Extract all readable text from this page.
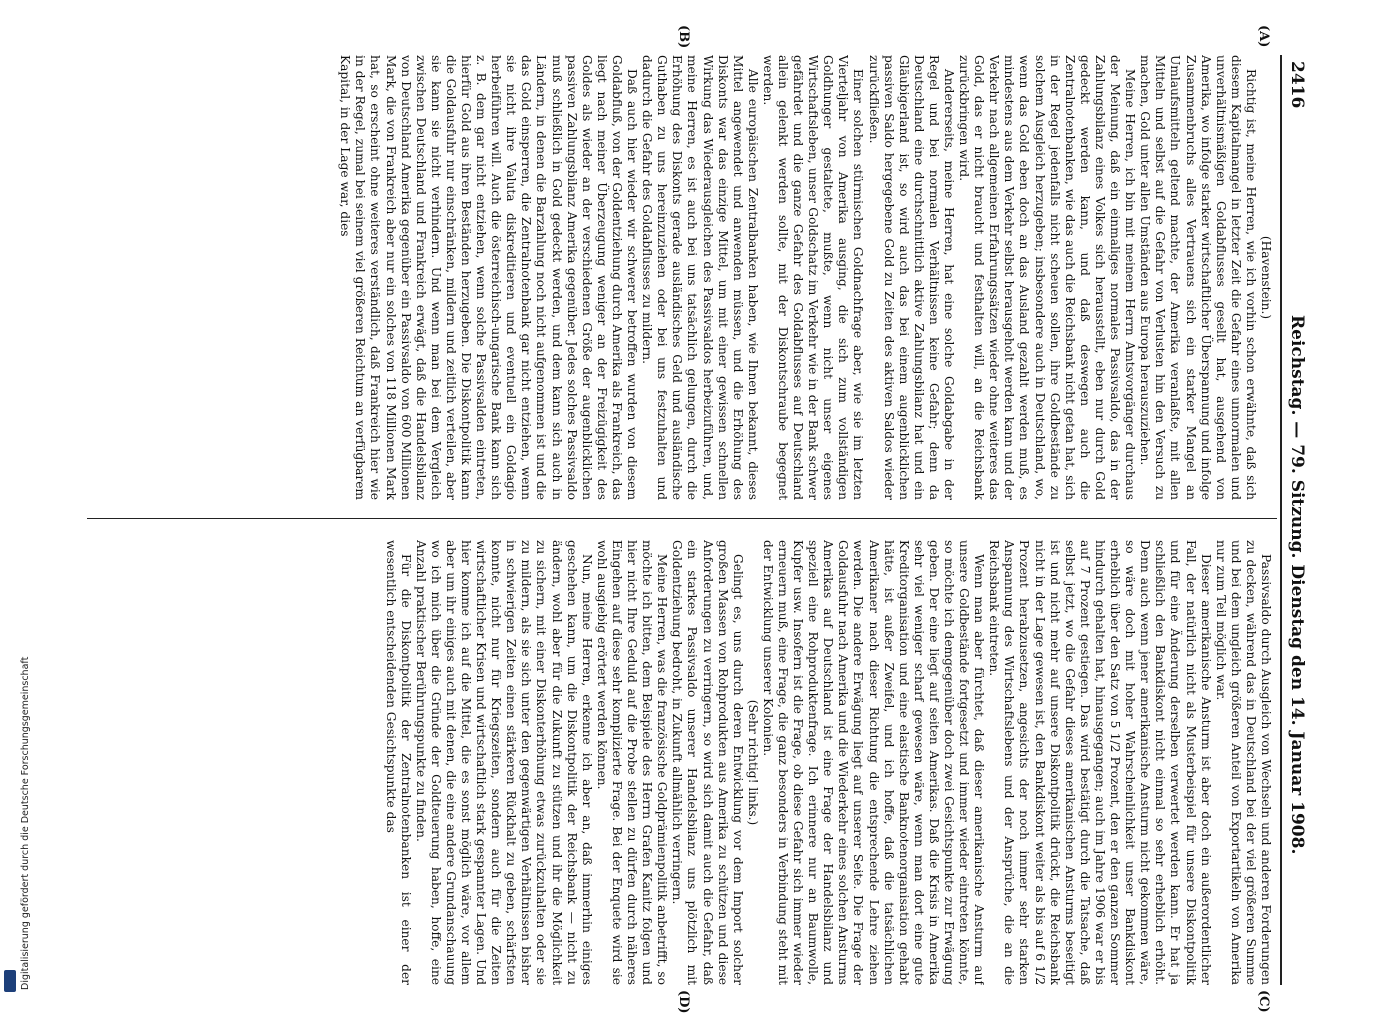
2416
Reichstag. — 79. Sitzung. Dienstag den 14. Januar 1908.
(A)
(B)
(C)
(D)

(Havenstein.)

Richtig ist, meine Herren, wie ich vorhin schon erwähnte, daß sich diesem Kapitalmangel in letzter Zeit die Gefahr eines unnormalen und unverhältnismäßigen Goldabflusses gesellt hat, ausgehend von Amerika, wo infolge starker wirtschaftlicher Überspannung und infolge Zusammenbruchs alles Vertrauens sich ein starker Mangel an Umlaufsmitteln geltend machte, der Amerika veranlaßte, mit allen Mitteln und selbst auf die Gefahr von Verlusten hin den Versuch zu machen, Gold unter allen Umständen aus Europa herauszuziehen.

Meine Herren, ich bin mit meinem Herrn Amtsvorgänger durchaus der Meinung, daß ein einmaliges normales Passivsaldo, das in der Zahlungsbilanz eines Volkes sich herausstellt, eben nur durch Gold gedeckt werden kann, und daß deswegen auch die Zentralnotenbanken, wie das auch die Reichsbank nicht getan hat, sich in der Regel jedenfalls nicht scheuen sollen, ihre Goldbestände zu solchem Ausgleich herzugeben; insbesondere auch in Deutschland, wo, wenn das Gold eben doch an das Ausland gezahlt werden muß, es mindestens aus dem Verkehr selbst herausgeholt werden kann und der Verkehr nach allgemeinen Erfahrungssätzen wieder ohne weiteres das Gold, das er nicht braucht und festhalten will, an die Reichsbank zurückbringen wird.

Andererseits, meine Herren, hat eine solche Goldabgabe in der Regel und bei normalen Verhältnissen keine Gefahr; denn da Deutschland eine durchschnittlich aktive Zahlungsbilanz hat und ein Gläubigerland ist, so wird auch das bei einem augenblicklichen passiven Saldo hergegebene Gold zu Zeiten des aktiven Saldos wieder zurückfließen.

Einer solchen stürmischen Goldnachfrage aber, wie sie im letzten Vierteljahr von Amerika ausging, die sich zum vollständigen Goldhunger gestaltete, mußte, wenn nicht unser eigenes Wirtschaftsleben, unser Goldschatz im Verkehr wie in der Bank schwer gefährdet und die ganze Gefahr des Goldabflusses auf Deutschland allein gelenkt werden sollte, mit der Diskontschraube begegnet werden.

Alle europäischen Zentralbanken haben, wie Ihnen bekannt, dieses Mittel angewendet und anwenden müssen, und die Erhöhung des Diskonts war das einzige Mittel, um mit einer gewissen schnellen Wirkung das Wiederausgleichen des Passivsaldos herbeizuführen, und, meine Herren, es ist auch bei uns tatsächlich gelungen, durch die Erhöhung des Diskonts gerade ausländisches Geld und ausländische Guthaben zu uns hereinzuziehen oder bei uns festzuhalten und dadurch die Gefahr des Goldabflusses zu mildern.

Daß auch hier wieder wir schwerer betroffen wurden von diesem Goldabfluß, von der Goldentziehung durch Amerika als Frankreich, das liegt nach meiner Überzeugung weniger an der Freizügigkeit des Goldes als wieder an der verschiedenen Größe der augenblicklichen passiven Zahlungsbilanz Amerika gegenüber. Jedes solches Passivsaldo muß schließlich in Gold gedeckt werden, und dem kann sich auch in Ländern, in denen die Barzahlung noch nicht aufgenommen ist und die das Gold einsperren, die Zentralnotenbank gar nicht entziehen, wenn sie nicht ihre Valuta diskreditieren und eventuell ein Goldagio herbeiführen will. Auch die österreichisch-ungarische Bank kann sich z. B. dem gar nicht entziehen, wenn solche Passivsalden eintreten, hierfür Gold aus ihren Beständen herzugeben. Die Diskontpolitik kann die Goldausfuhr nur einschränken, mildern und zeitlich verteilen, aber sie kann sie nicht verhindern. Und wenn man bei dem Vergleich zwischen Deutschland und Frankreich erwägt, daß die Handelsbilanz von Deutschland Amerika gegenüber ein Passivsaldo von 600 Millionen Mark, die von Frankreich aber nur ein solches von 118 Millionen Mark hat, so erscheint ohne weiteres verständlich, daß Frankreich hier wie in der Regel, zumal bei seinem viel größeren Reichtum an verfügbarem Kapital, in der Lage war, dies

Passivsaldo durch Ausgleich von Wechseln und anderen Forderungen zu decken, während das in Deutschland bei der viel größeren Summe und bei dem ungleich größeren Anteil von Exportartikeln von Amerika nur zum Teil möglich war.

Dieser amerikanische Ansturm ist aber doch ein außerordentlicher Fall, der natürlich nicht als Musterbeispiel für unsere Diskontpolitik und für eine Änderung derselben verwertet werden kann. Er hat ja schließlich den Bankdiskont nicht einmal so sehr erheblich erhöht. Denn auch wenn jener amerikanische Ansturm nicht gekommen wäre, so wäre doch mit hoher Wahrscheinlichkeit unser Bankdiskont erheblich über den Satz von 5 1/2 Prozent, den er den ganzen Sommer hindurch gehalten hat, hinausgegangen; auch im Jahre 1906 war er bis auf 7 Prozent gestiegen. Das wird bestätigt durch die Tatsache, daß selbst jetzt, wo die Gefahr dieses amerikanischen Ansturms beseitigt ist und nicht mehr auf unsere Diskontpolitik drückt, die Reichsbank nicht in der Lage gewesen ist, den Bankdiskont weiter als bis auf 6 1/2 Prozent herabzusetzen, angesichts der noch immer sehr starken Anspannung des Wirtschaftslebens und der Ansprüche, die an die Reichsbank eintreten.

Wenn man aber fürchtet, daß dieser amerikanische Ansturm auf unsere Goldbestände fortgesetzt und immer wieder eintreten könnte, so möchte ich demgegenüber doch zwei Gesichtspunkte zur Erwägung geben. Der eine liegt auf seiten Amerikas. Daß die Krisis in Amerika sehr viel weniger scharf gewesen wäre, wenn man dort eine gute Kreditorganisation und eine elastische Banknotenorganisation gehabt hätte, ist außer Zweifel, und ich hoffe, daß die tatsächlichen Amerikaner nach dieser Richtung die entsprechende Lehre ziehen werden. Die andere Erwägung liegt auf unserer Seite. Die Frage der Goldausfuhr nach Amerika und die Wiederkehr eines solchen Ansturms Amerikas auf Deutschland ist eine Frage der Handelsbilanz und speziell eine Rohproduktenfrage. Ich erinnere nur an Baumwolle, Kupfer usw. Insofern ist die Frage, ob diese Gefahr sich immer wieder erneuern muß, eine Frage, die ganz besonders in Verbindung steht mit der Entwicklung unserer Kolonien.

(Sehr richtig! links.)

Gelingt es, uns durch deren Entwicklung vor dem Import solcher großen Massen von Rohprodukten aus Amerika zu schützen und diese Anforderungen zu verringern, so wird sich damit auch die Gefahr, daß ein starkes Passivsaldo unserer Handelsbilanz uns plötzlich mit Goldentziehung bedroht, in Zukunft allmählich verringern.

Meine Herren, was die französische Goldprämienpolitik anbetrifft, so möchte ich bitten, dem Beispiele des Herrn Grafen Kanitz folgen und hier nicht Ihre Geduld auf die Probe stellen zu dürfen durch näheres Eingehen auf diese sehr komplizierte Frage. Bei der Enquete wird sie wohl ausgiebig erörtert werden können.

Nun, meine Herren, erkenne ich aber an, daß immerhin einiges geschehen kann, um die Diskontpolitik der Reichsbank — nicht zu ändern, wohl aber für die Zukunft zu stützen und ihr die Möglichkeit zu sichern, mit einer Diskonterhöhung etwas zurückzuhalten oder sie zu mildern, als sie sich unter den gegenwärtigen Verhältnissen bisher in schwierigen Zeiten einen stärkeren Rückhalt zu geben, schärfsten konnte, nicht nur für Kriegszeiten, sondern auch für die Zeiten wirtschaftlicher Krisen und wirtschaftlich stark gespannter Lagen. Und hier komme ich auf die Mittel, die es sonst möglich wäre, vor allem aber um ihr einiges auch mit denen, die eine andere Grundanschauung wo ich mich über die Gründe der Goldteuerung haben, hoffe, eine Anzahl praktischer Berührungspunkte zu finden.

Für die Diskontpolitik der Zentralnotenbanken ist einer der wesentlich entscheidenden Gesichtspunkte das

Digitalisierung gefördert durch die Deutsche Forschungsgemeinschaft
